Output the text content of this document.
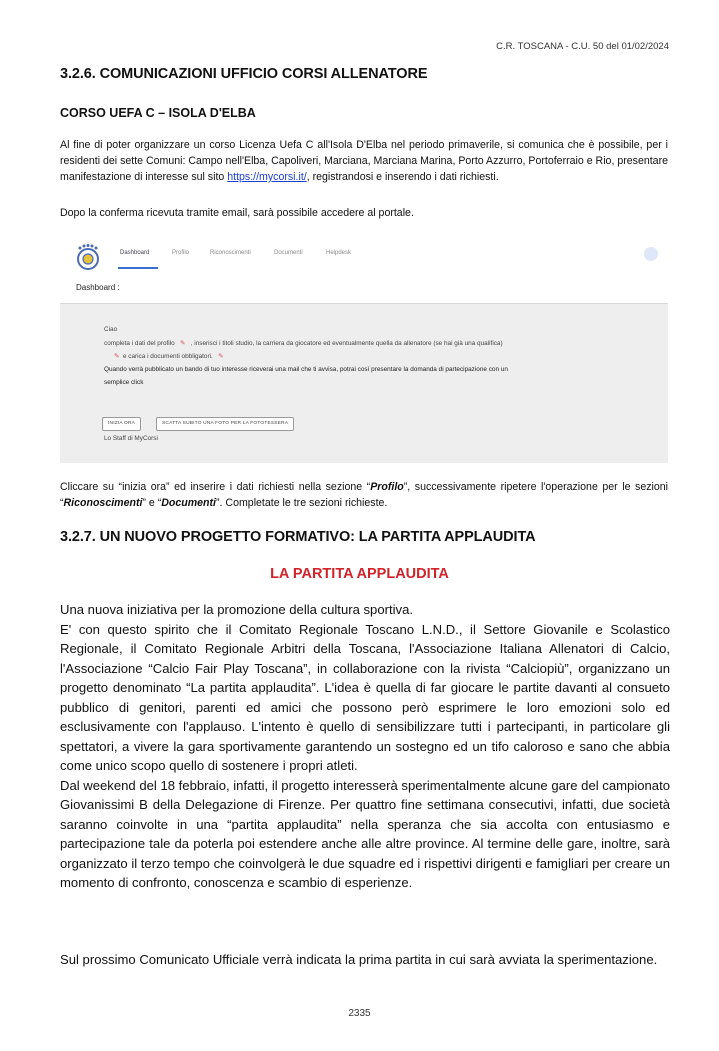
C.R. TOSCANA - C.U. 50 del 01/02/2024
3.2.6. COMUNICAZIONI UFFICIO CORSI ALLENATORE
CORSO UEFA C – ISOLA D'ELBA

Al fine di poter organizzare un corso Licenza Uefa C all'Isola D'Elba nel periodo primaverile, si comunica che è possibile, per i residenti dei sette Comuni: Campo nell'Elba, Capoliveri, Marciana, Marciana Marina, Porto Azzurro, Portoferraio e Rio, presentare manifestazione di interesse sul sito https://mycorsi.it/, registrandosi e inserendo i dati richiesti.

Dopo la conferma ricevuta tramite email, sarà possibile accedere al portale.

Dashboard	Profilo	Riconoscimenti	Documenti	Helpdesk
Dashboard :
Ciao
completa i dati del profilo ✎ , inserisci i titoli studio, la carriera da giocatore ed eventualmente quella da allenatore (se hai già una qualifica)
✎ e carica i documenti obbligatori. ✎
Quando verrà pubblicato un bando di tuo interesse riceverai una mail che ti avvisa, potrai così presentare la domanda di partecipazione con un
semplice click
INIZIA ORA	SCATTA SUBITO UNA FOTO PER LA FOTOTESSERA
Lo Staff di MyCorsi

Cliccare su “inizia ora” ed inserire i dati richiesti nella sezione “Profilo”, successivamente ripetere l'operazione per le sezioni “Riconoscimenti” e “Documenti”. Completate le tre sezioni richieste.

3.2.7. UN NUOVO PROGETTO FORMATIVO: LA PARTITA APPLAUDITA
LA PARTITA APPLAUDITA

Una nuova iniziativa per la promozione della cultura sportiva.
E' con questo spirito che il Comitato Regionale Toscano L.N.D., il Settore Giovanile e Scolastico Regionale, il Comitato Regionale Arbitri della Toscana, l'Associazione Italiana Allenatori di Calcio, l'Associazione “Calcio Fair Play Toscana”, in collaborazione con la rivista “Calciopiù”, organizzano un progetto denominato “La partita applaudita”. L'idea è quella di far giocare le partite davanti al consueto pubblico di genitori, parenti ed amici che possono però esprimere le loro emozioni solo ed esclusivamente con l'applauso. L'intento è quello di sensibilizzare tutti i partecipanti, in particolare gli spettatori, a vivere la gara sportivamente garantendo un sostegno ed un tifo caloroso e sano che abbia come unico scopo quello di sostenere i propri atleti.
Dal weekend del 18 febbraio, infatti, il progetto interesserà sperimentalmente alcune gare del campionato Giovanissimi B della Delegazione di Firenze. Per quattro fine settimana consecutivi, infatti, due società saranno coinvolte in una “partita applaudita” nella speranza che sia accolta con entusiasmo e partecipazione tale da poterla poi estendere anche alle altre province. Al termine delle gare, inoltre, sarà organizzato il terzo tempo che coinvolgerà le due squadre ed i rispettivi dirigenti e famigliari per creare un momento di confronto, conoscenza e scambio di esperienze.

Sul prossimo Comunicato Ufficiale verrà indicata la prima partita in cui sarà avviata la sperimentazione.

2335
